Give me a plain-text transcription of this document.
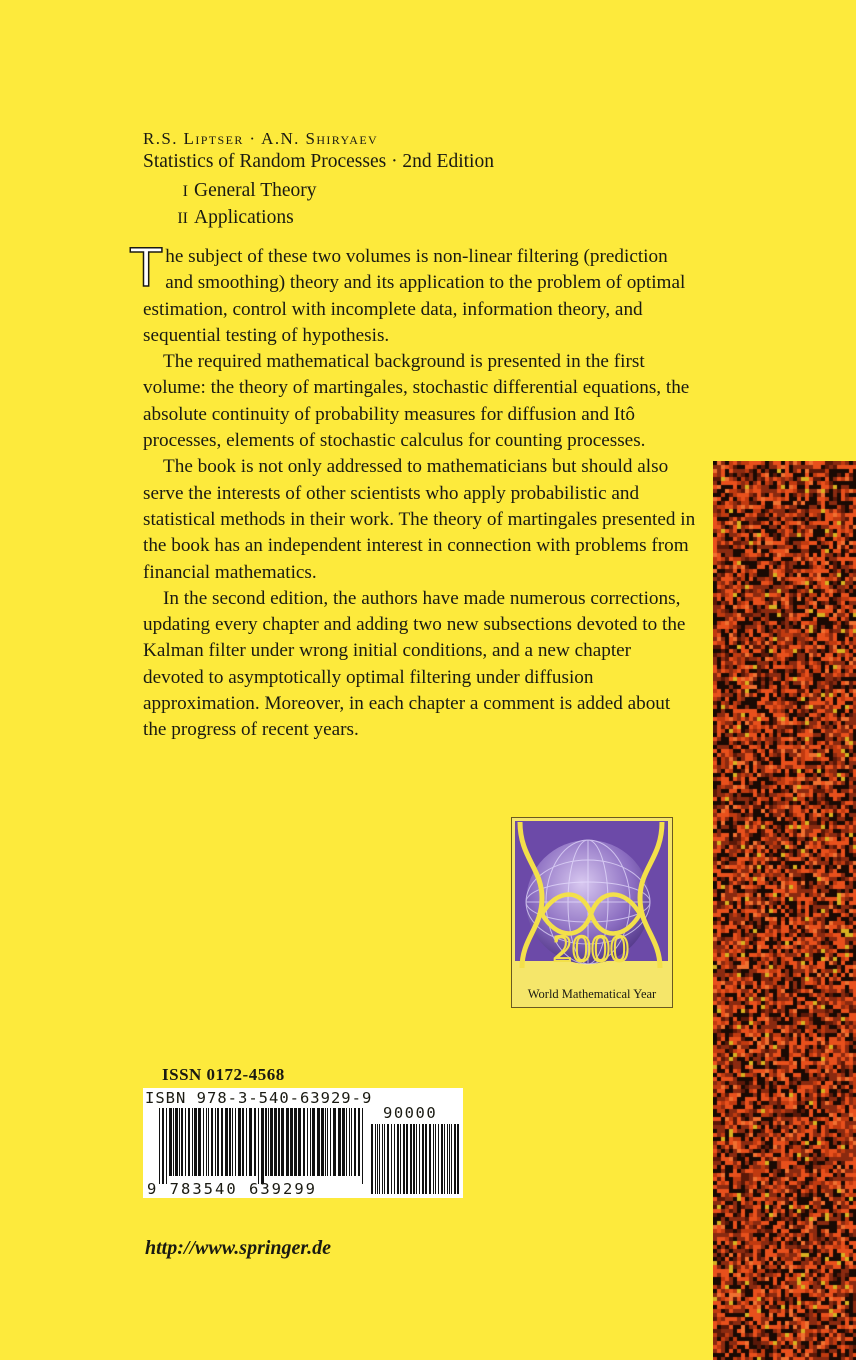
R.S. Liptser · A.N. Shiryaev
Statistics of Random Processes · 2nd Edition
I General Theory
II Applications

The subject of these two volumes is non-linear filtering (prediction and smoothing) theory and its application to the problem of optimal estimation, control with incomplete data, information theory, and sequential testing of hypothesis.

The required mathematical background is presented in the first volume: the theory of martingales, stochastic differential equations, the absolute continuity of probability measures for diffusion and Itô processes, elements of stochastic calculus for counting processes.

The book is not only addressed to mathematicians but should also serve the interests of other scientists who apply probabilistic and statistical methods in their work. The theory of martingales presented in the book has an independent interest in connection with problems from financial mathematics.

In the second edition, the authors have made numerous corrections, updating every chapter and adding two new subsections devoted to the Kalman filter under wrong initial conditions, and a new chapter devoted to asymptotically optimal filtering under diffusion approximation. Moreover, in each chapter a comment is added about the progress of recent years.

2000
World Mathematical Year
ISSN 0172-4568
ISBN 978-3-540-63929-9
90000
9 783540 639299
http://www.springer.de
